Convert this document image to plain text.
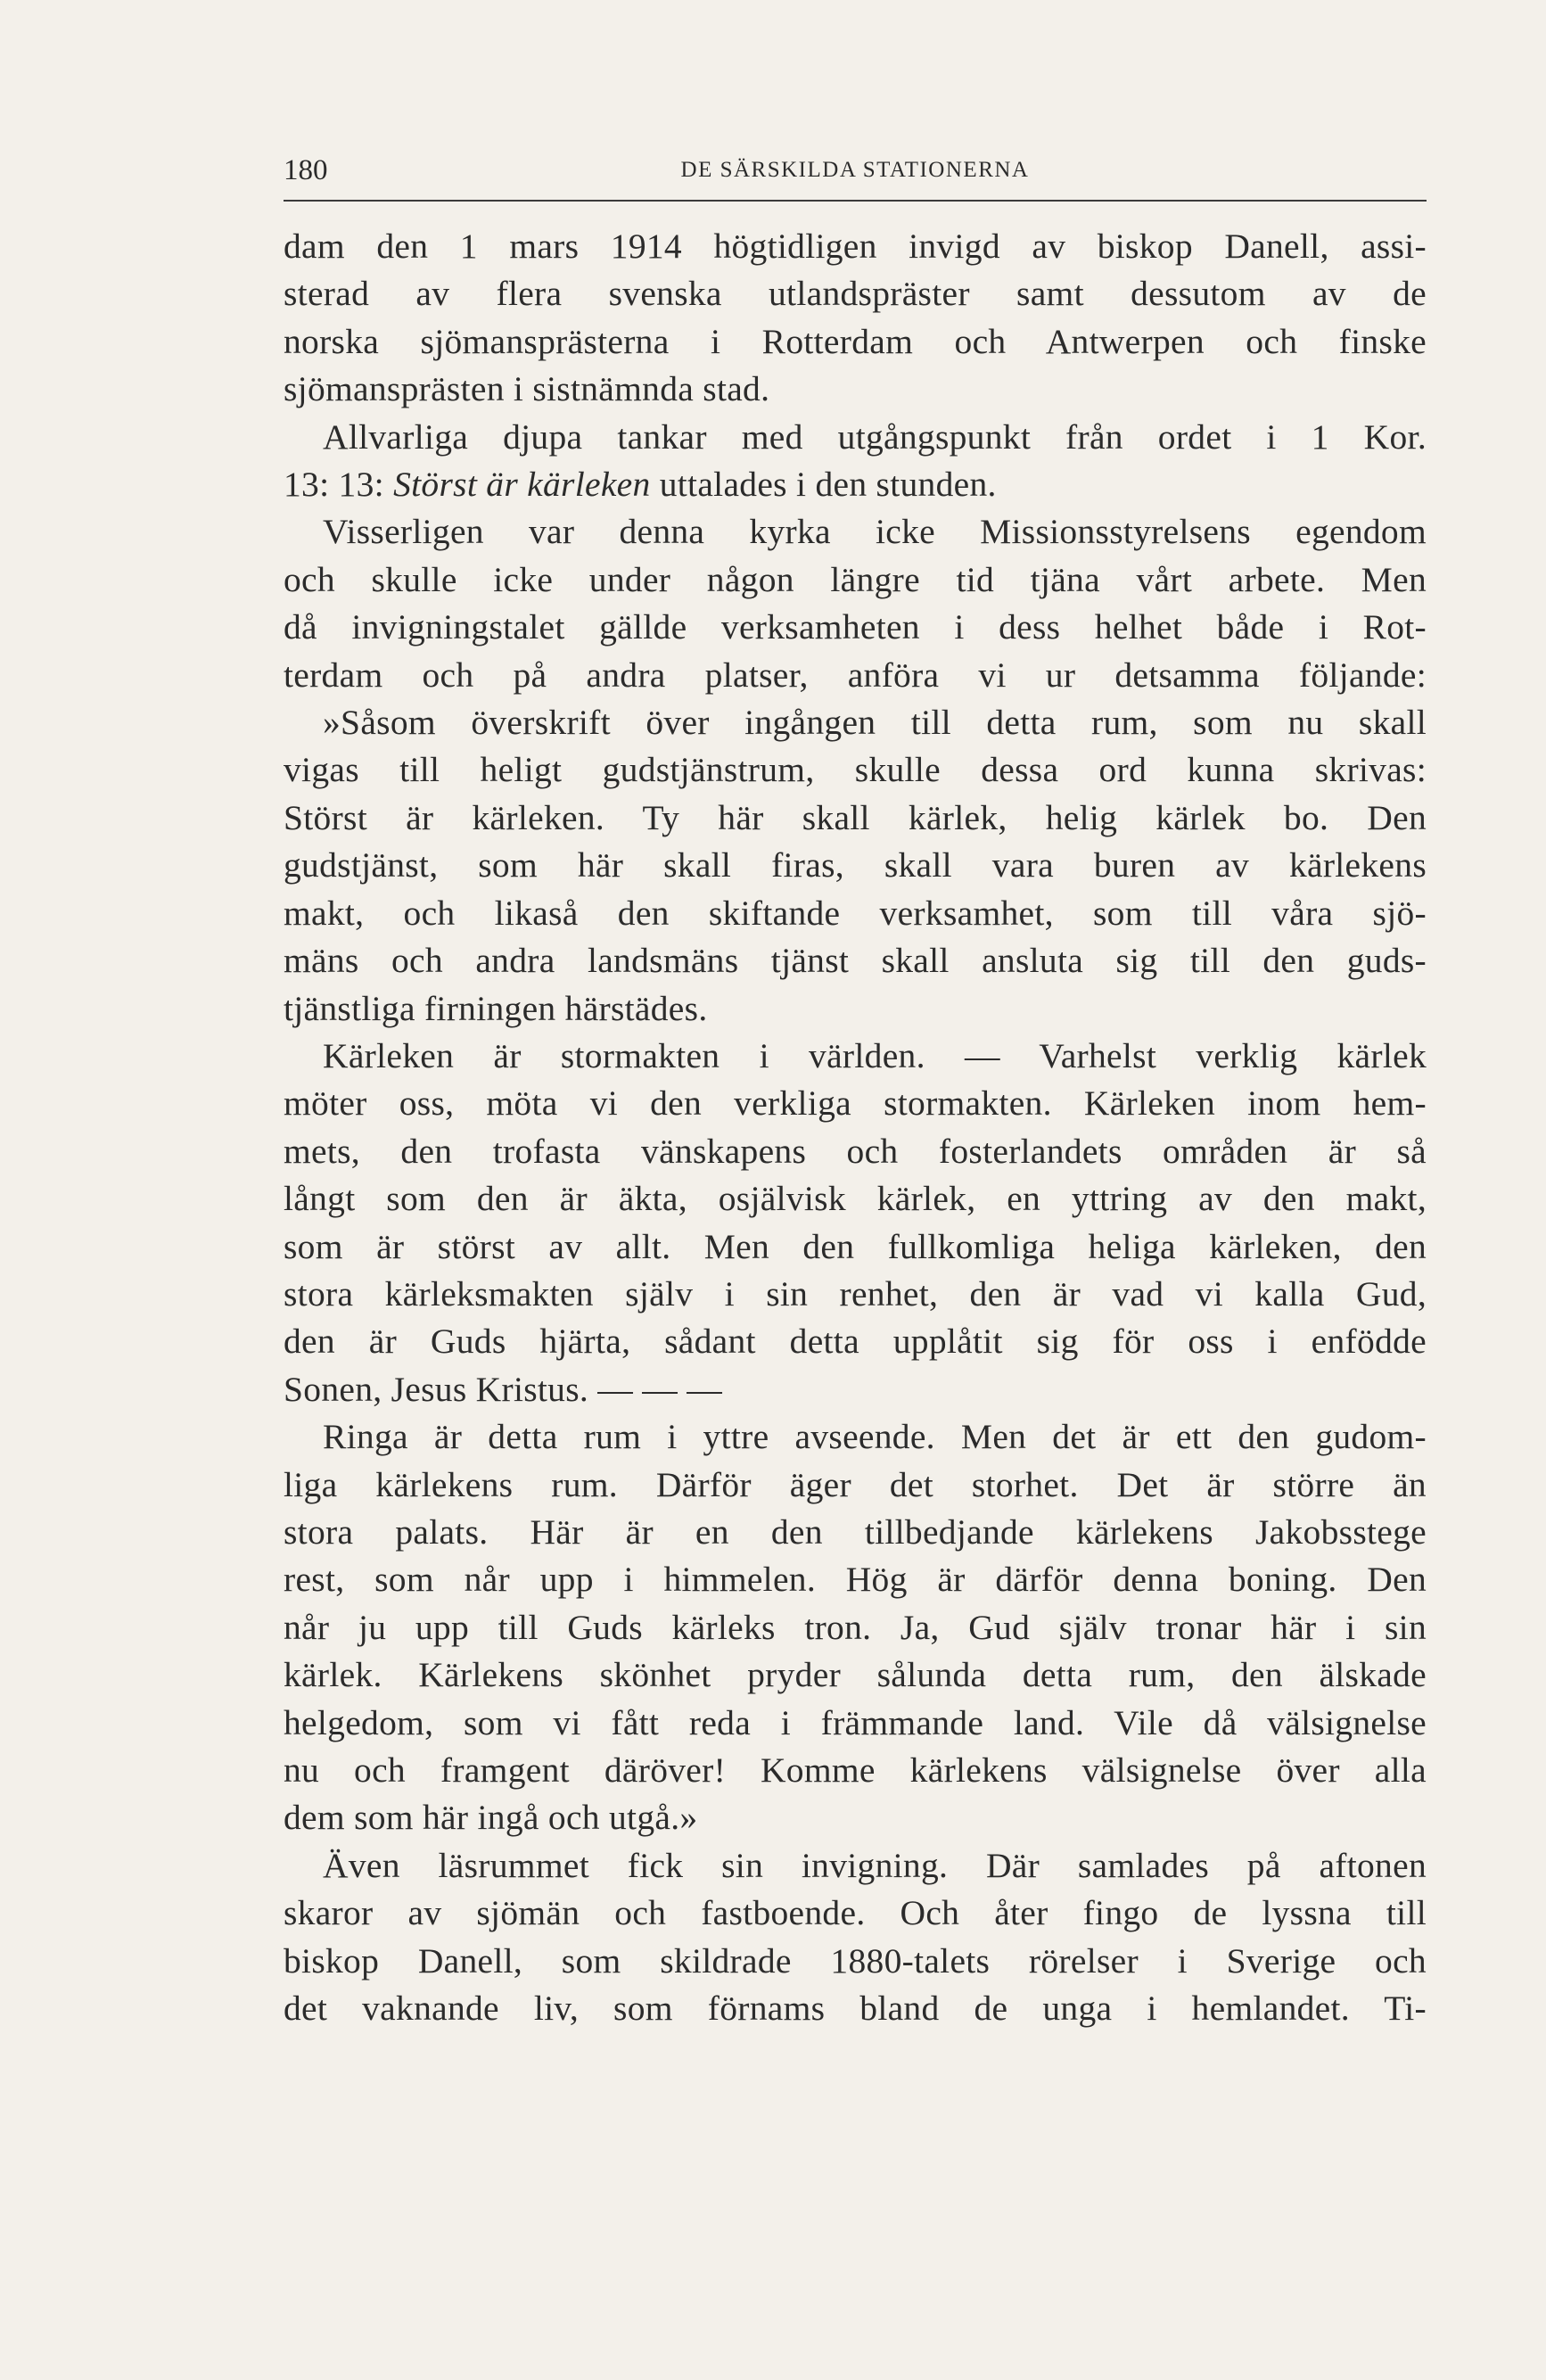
180	DE SÄRSKILDA STATIONERNA
dam den 1 mars 1914 högtidligen invigd av biskop Danell, assi-
sterad av flera svenska utlandspräster samt dessutom av de
norska sjömansprästerna i Rotterdam och Antwerpen och finske
sjömansprästen i sistnämnda stad.
Allvarliga djupa tankar med utgångspunkt från ordet i 1 Kor.
13: 13: Störst är kärleken uttalades i den stunden.
Visserligen var denna kyrka icke Missionsstyrelsens egendom
och skulle icke under någon längre tid tjäna vårt arbete. Men
då invigningstalet gällde verksamheten i dess helhet både i Rot-
terdam och på andra platser, anföra vi ur detsamma följande:
»Såsom överskrift över ingången till detta rum, som nu skall
vigas till heligt gudstjänstrum, skulle dessa ord kunna skrivas:
Störst är kärleken. Ty här skall kärlek, helig kärlek bo. Den
gudstjänst, som här skall firas, skall vara buren av kärlekens
makt, och likaså den skiftande verksamhet, som till våra sjö-
mäns och andra landsmäns tjänst skall ansluta sig till den guds-
tjänstliga firningen härstädes.
Kärleken är stormakten i världen. — Varhelst verklig kärlek
möter oss, möta vi den verkliga stormakten. Kärleken inom hem-
mets, den trofasta vänskapens och fosterlandets områden är så
långt som den är äkta, osjälvisk kärlek, en yttring av den makt,
som är störst av allt. Men den fullkomliga heliga kärleken, den
stora kärleksmakten själv i sin renhet, den är vad vi kalla Gud,
den är Guds hjärta, sådant detta upplåtit sig för oss i enfödde
Sonen, Jesus Kristus. — — —
Ringa är detta rum i yttre avseende. Men det är ett den gudom-
liga kärlekens rum. Därför äger det storhet. Det är större än
stora palats. Här är en den tillbedjande kärlekens Jakobsstege
rest, som når upp i himmelen. Hög är därför denna boning. Den
når ju upp till Guds kärleks tron. Ja, Gud själv tronar här i sin
kärlek. Kärlekens skönhet pryder sålunda detta rum, den älskade
helgedom, som vi fått reda i främmande land. Vile då välsignelse
nu och framgent däröver! Komme kärlekens välsignelse över alla
dem som här ingå och utgå.»
Även läsrummet fick sin invigning. Där samlades på aftonen
skaror av sjömän och fastboende. Och åter fingo de lyssna till
biskop Danell, som skildrade 1880-talets rörelser i Sverige och
det vaknande liv, som förnams bland de unga i hemlandet. Ti-
